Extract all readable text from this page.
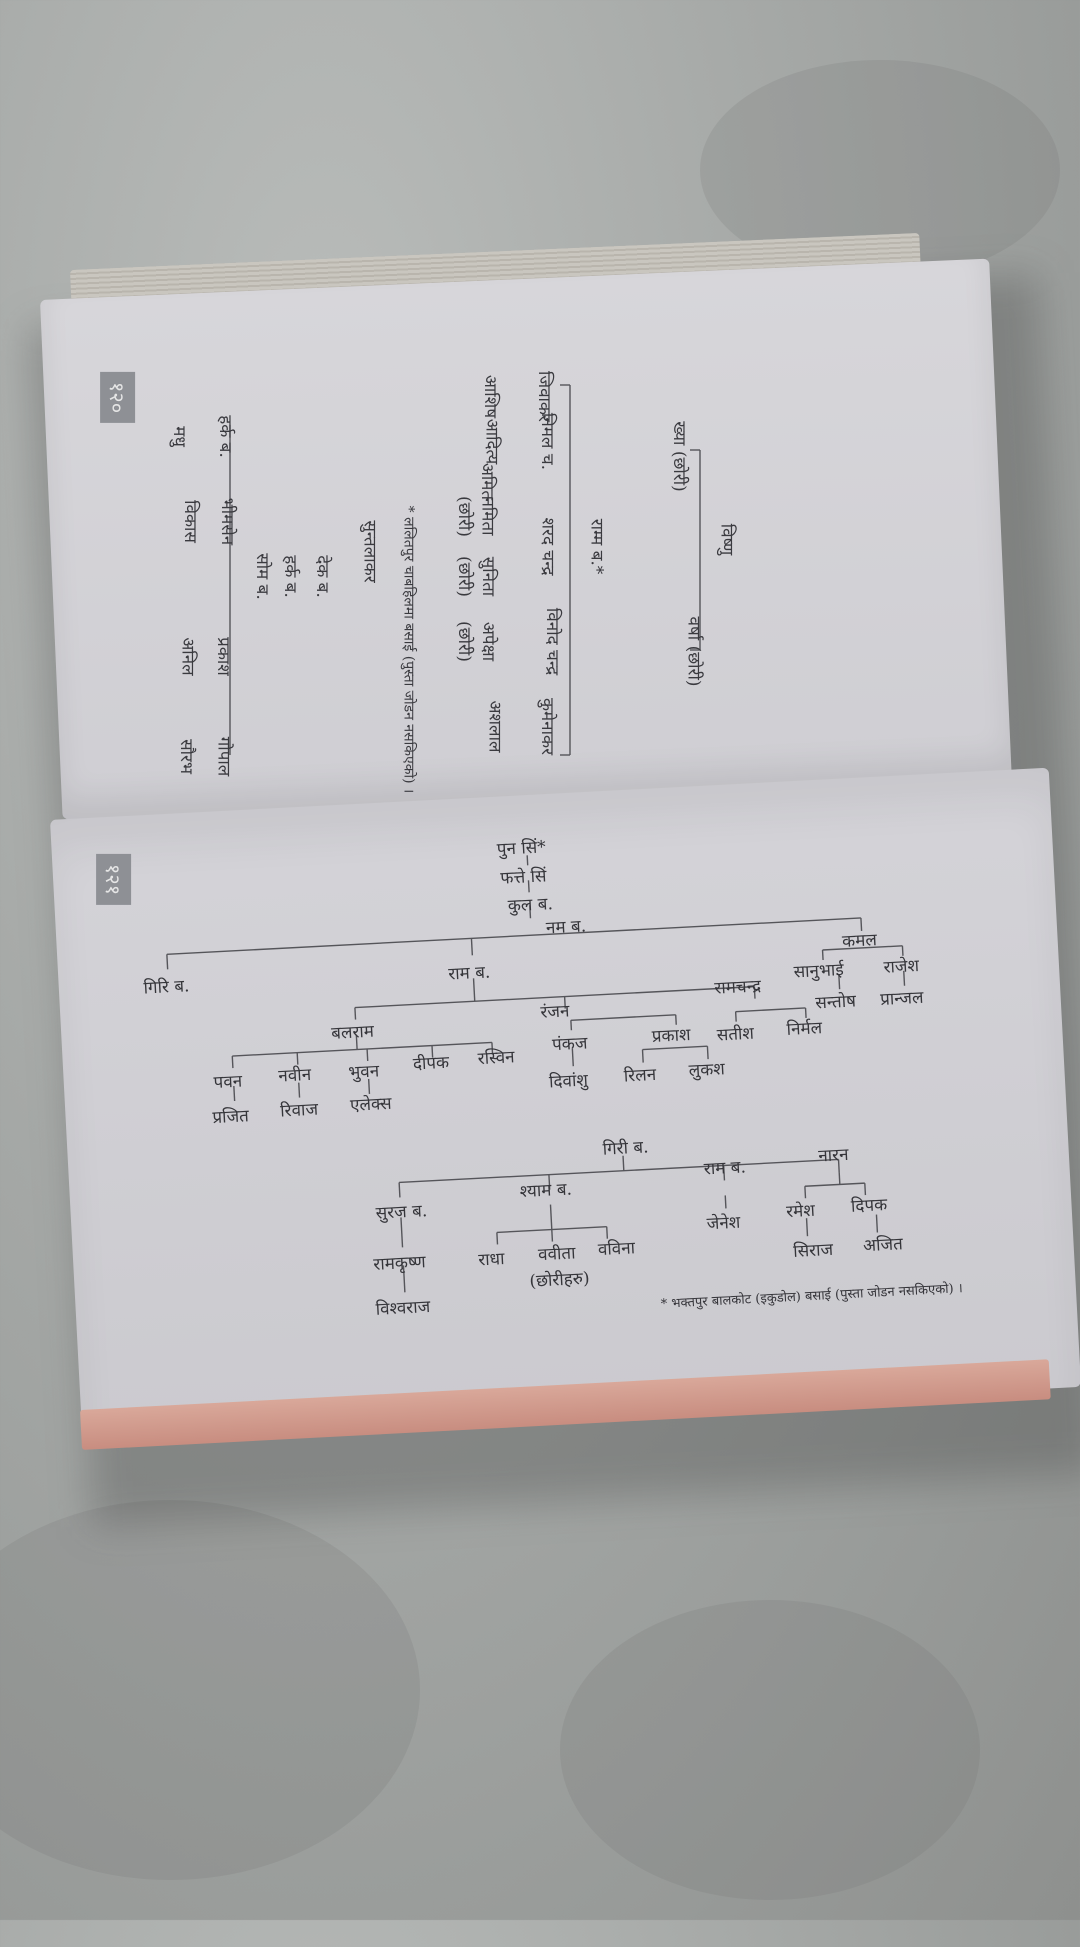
१२०
१२१
विष्णु
वर्षा (छोरी)
ख्या (छोरी)
राम्म ब.*
कुमेनाकर
अशलाल
विनोद चन्द्र
अपेक्षा
(छोरी)
शरद चन्द्र
नमिता
सुनिता
(छोरी)
(छोरी)
निमल च.
आदित्य
अमित
जिवाकर
आशिष
* ललितपुर चाबहिलमा बसाई (पुस्ता जोडन नसकिएको) ।
सुन्तलाकर
देक ब.
हर्क ब.
सोम ब.
प्रकाश
भीमसेन
हर्क ब.
मधु
विकास
अनिल
गोपाल
सौरभ
पुन सिं*
फत्ते सिं
कुल ब.
नम ब.
गिरि ब.
कमल
राम ब.	सानुभाई राजेश
सन्तोष प्रान्जल
बलराम
रंजन
रामचन्द्र
सतीश निर्मल
पवन नवीन भुवन दीपक रस्विन
प्रजित रिवाज एलेक्स
पंकज	प्रकाश
दिवांशु रिलन लुकश
गिरी ब.
सुरज ब.
श्याम ब.
राम ब.
नारन
रामकृष्ण
विश्वराज
राधा ववीता वविना
(छोरीहरु)
जेनेश
रमेश दिपक
सिराज अजित
* भक्तपुर बालकोट (इकुडोल) बसाई (पुस्ता जोडन नसकिएको) ।
